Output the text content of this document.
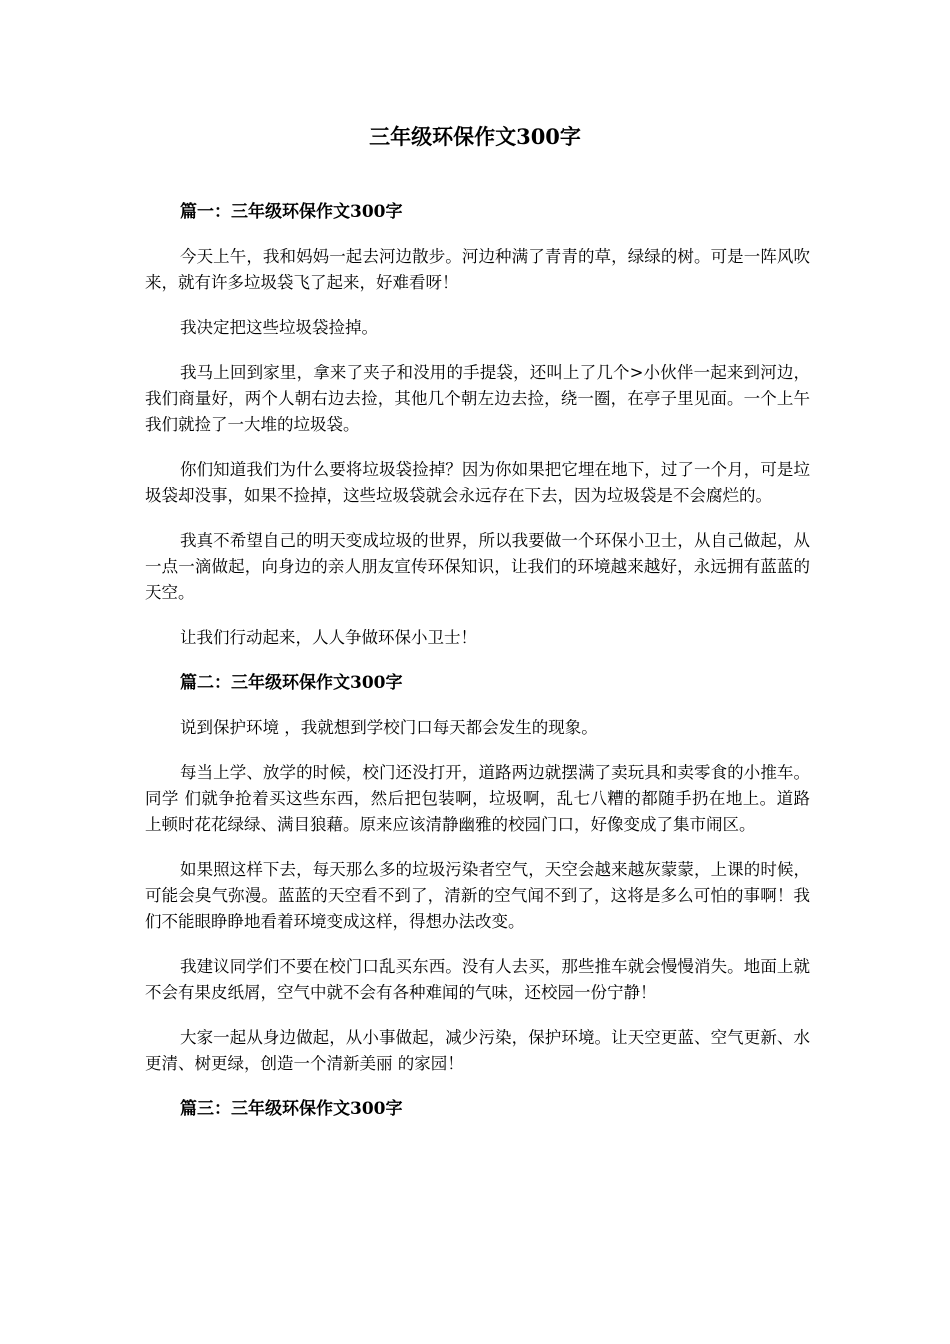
三年级环保作文300字
篇一：三年级环保作文300字

今天上午，我和妈妈一起去河边散步。河边种满了青青的草，绿绿的树。可是一阵风吹来，就有许多垃圾袋飞了起来，好难看呀！

我决定把这些垃圾袋捡掉。

我马上回到家里，拿来了夹子和没用的手提袋，还叫上了几个>小伙伴一起来到河边，我们商量好，两个人朝右边去捡，其他几个朝左边去捡，绕一圈，在亭子里见面。一个上午我们就捡了一大堆的垃圾袋。

你们知道我们为什么要将垃圾袋捡掉？因为你如果把它埋在地下，过了一个月，可是垃圾袋却没事，如果不捡掉，这些垃圾袋就会永远存在下去，因为垃圾袋是不会腐烂的。

我真不希望自己的明天变成垃圾的世界，所以我要做一个环保小卫士，从自己做起，从一点一滴做起，向身边的亲人朋友宣传环保知识，让我们的环境越来越好，永远拥有蓝蓝的天空。

让我们行动起来，人人争做环保小卫士！

篇二：三年级环保作文300字

说到保护环境 ，我就想到学校门口每天都会发生的现象。

每当上学、放学的时候，校门还没打开，道路两边就摆满了卖玩具和卖零食的小推车。同学 们就争抢着买这些东西，然后把包装啊，垃圾啊，乱七八糟的都随手扔在地上。道路上顿时花花绿绿、满目狼藉。原来应该清静幽雅的校园门口，好像变成了集市闹区。

如果照这样下去，每天那么多的垃圾污染者空气，天空会越来越灰蒙蒙，上课的时候，可能会臭气弥漫。蓝蓝的天空看不到了，清新的空气闻不到了，这将是多么可怕的事啊！我们不能眼睁睁地看着环境变成这样，得想办法改变。

我建议同学们不要在校门口乱买东西。没有人去买，那些推车就会慢慢消失。地面上就不会有果皮纸屑，空气中就不会有各种难闻的气味，还校园一份宁静！

大家一起从身边做起，从小事做起，减少污染，保护环境。让天空更蓝、空气更新、水更清、树更绿，创造一个清新美丽 的家园！

篇三：三年级环保作文300字
